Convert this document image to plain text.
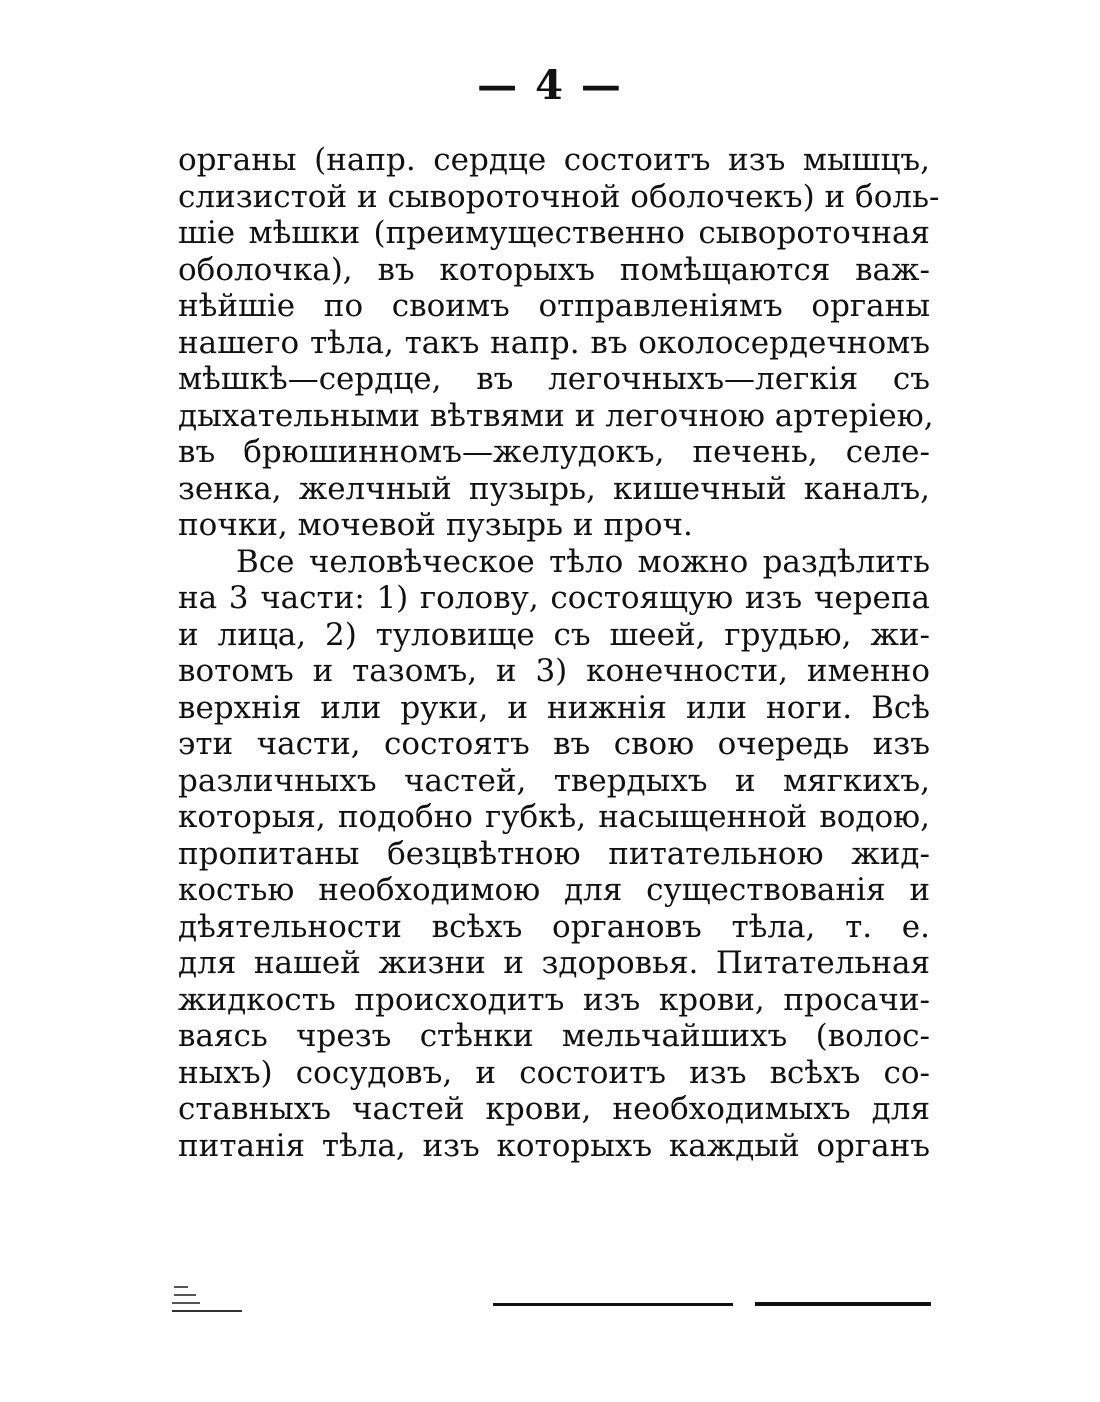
— 4 —
органы (напр. сердце состоитъ изъ мышцъ,
слизистой и сывороточной оболочекъ) и боль-
шіе мѣшки (преимущественно сывороточная
оболочка), въ которыхъ помѣщаются важ-
нѣйшіе по своимъ отправленіямъ органы
нашего тѣла, такъ напр. въ околосердечномъ
мѣшкѣ—сердце, въ легочныхъ—легкія съ
дыхательными вѣтвями и легочною артеріею,
въ брюшинномъ—желудокъ, печень, селе-
зенка, желчный пузырь, кишечный каналъ,
почки, мочевой пузырь и проч.
Все человѣческое тѣло можно раздѣлить
на 3 части: 1) голову, состоящую изъ черепа
и лица, 2) туловище съ шеей, грудью, жи-
вотомъ и тазомъ, и 3) конечности, именно
верхнія или руки, и нижнія или ноги. Всѣ
эти части, состоятъ въ свою очередь изъ
различныхъ частей, твердыхъ и мягкихъ,
которыя, подобно губкѣ, насыщенной водою,
пропитаны безцвѣтною питательною жид-
костью необходимою для существованія и
дѣятельности всѣхъ органовъ тѣла, т. е.
для нашей жизни и здоровья. Питательная
жидкость происходитъ изъ крови, просачи-
ваясь чрезъ стѣнки мельчайшихъ (волос-
ныхъ) сосудовъ, и состоитъ изъ всѣхъ со-
ставныхъ частей крови, необходимыхъ для
питанія тѣла, изъ которыхъ каждый органъ
